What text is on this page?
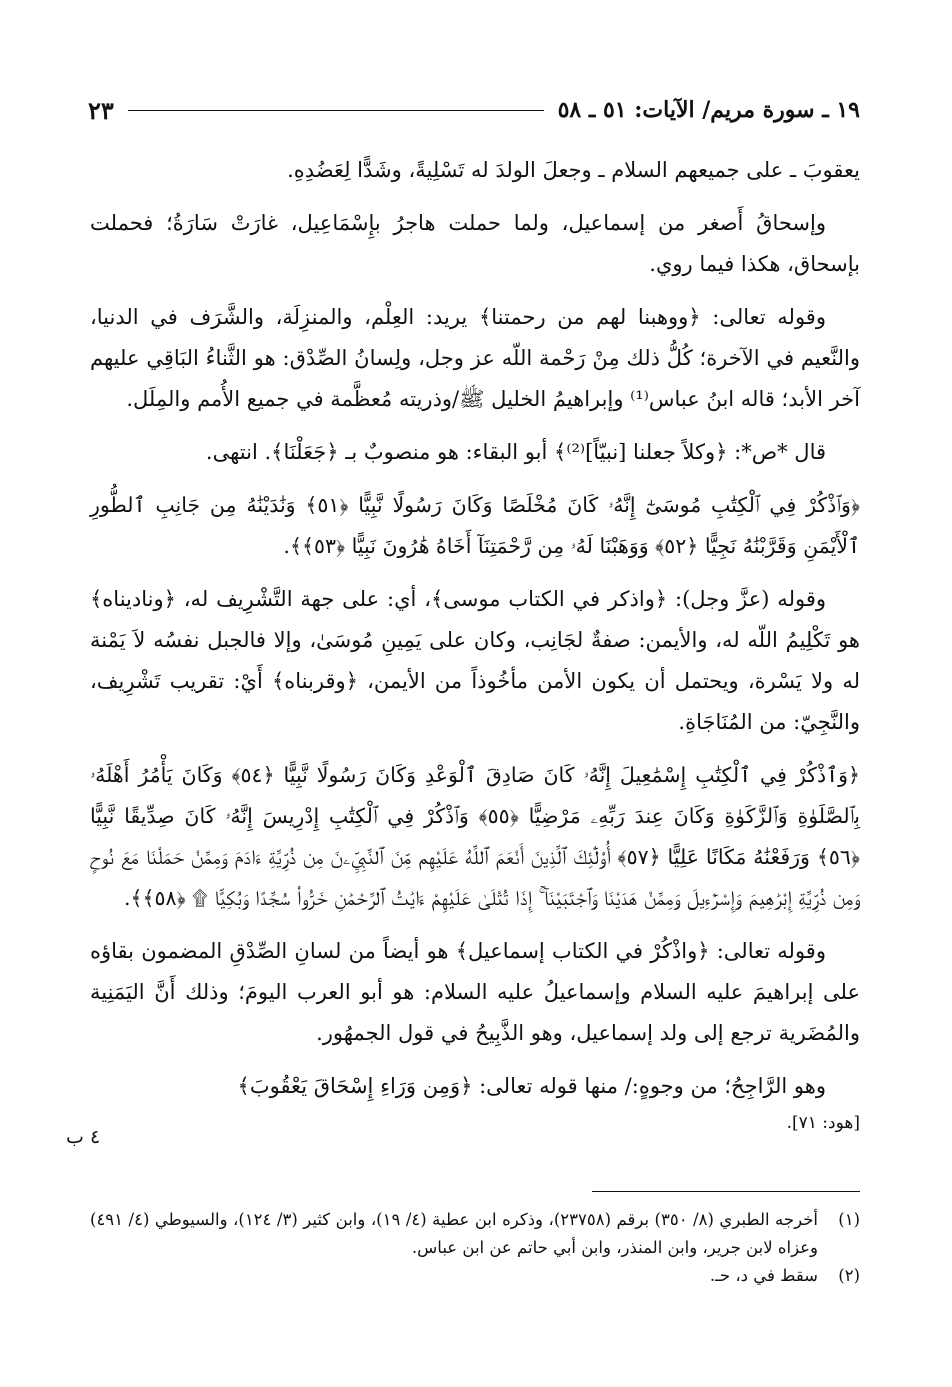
١٩ ـ سورة مريم/ الآيات: ٥١ ـ ٥٨
٢٣

يعقوبَ ـ على جميعهم السلام ـ وجعلَ الولدَ له تَسْلِيةً، وشَدًّا لِعَضُدِهِ.

وإسحاقُ أَصغر من إسماعيل، ولما حملت هاجرُ بإِسْمَاعِيل، غارَتْ سَارَةُ؛ فحملت بإسحاق، هكذا فيما روي.

وقوله تعالى: ﴿ووهبنا لهم من رحمتنا﴾ يريد: العِلْم، والمنزِلَة، والشَّرَف في الدنيا، والنَّعيم في الآخرة؛ كُلُّ ذلك مِنْ رَحْمة اللّه عز وجل، ولِسانُ الصِّدْق: هو الثَّناءُ البَاقِي عليهم آخر الأبد؛ قاله ابنُ عباس⁽¹⁾ وإبراهيمُ الخليل ﷺ/وذريته مُعظَّمة في جميع الأُمم والمِلَل.

قال *ص*: ﴿وكلاً جعلنا [نبيّاً]⁽²⁾﴾ أبو البقاء: هو منصوبٌ بـ ﴿جَعَلْنَا﴾. انتهى.

﴿وَٱذْكُرْ فِي ٱلْكِتَٰبِ مُوسَىٰٓ إِنَّهُۥ كَانَ مُخْلَصًا وَكَانَ رَسُولًا نَّبِيًّا ﴿٥١﴾ وَنَٰدَيْنَٰهُ مِن جَانِبِ ٱلطُّورِ ٱلْأَيْمَنِ وَقَرَّبْنَٰهُ نَجِيًّا ﴿٥٢﴾ وَوَهَبْنَا لَهُۥ مِن رَّحْمَتِنَآ أَخَاهُ هَٰرُونَ نَبِيًّا ﴿٥٣﴾﴾.

وقوله (عزَّ وجل): ﴿واذكر في الكتاب موسى﴾، أي: على جهة التَّشْرِيف له، ﴿وناديناه﴾ هو تَكْلِيمُ اللّه له، والأيمن: صفةٌ لجَانِب، وكان على يَمِينِ مُوسَىٰ، وإلا فالجبل نفسُه لاَ يَمْنة له ولا يَسْرة، ويحتمل أن يكون الأمن مأخُوذاً من الأيمن، ﴿وقربناه﴾ أَيْ: تقريب تَشْرِيف، والنَّجِيّ: من المُنَاجَاةِ.

﴿وَٱذْكُرْ فِي ٱلْكِتَٰبِ إِسْمَٰعِيلَ إِنَّهُۥ كَانَ صَادِقَ ٱلْوَعْدِ وَكَانَ رَسُولًا نَّبِيًّا ﴿٥٤﴾ وَكَانَ يَأْمُرُ أَهْلَهُۥ بِٱلصَّلَوٰةِ وَٱلزَّكَوٰةِ وَكَانَ عِندَ رَبِّهِۦ مَرْضِيًّا ﴿٥٥﴾ وَٱذْكُرْ فِي ٱلْكِتَٰبِ إِدْرِيسَ إِنَّهُۥ كَانَ صِدِّيقًا نَّبِيًّا ﴿٥٦﴾ وَرَفَعْنَٰهُ مَكَانًا عَلِيًّا ﴿٥٧﴾ أُو۟لَٰٓئِكَ ٱلَّذِينَ أَنْعَمَ ٱللَّهُ عَلَيْهِم مِّنَ ٱلنَّبِيِّۦنَ مِن ذُرِّيَّةِ ءَادَمَ وَمِمَّنْ حَمَلْنَا مَعَ نُوحٍ وَمِن ذُرِّيَّةِ إِبْرَٰهِيمَ وَإِسْرَٰٓءِيلَ وَمِمَّنْ هَدَيْنَا وَٱجْتَبَيْنَآ ۚ إِذَا تُتْلَىٰ عَلَيْهِمْ ءَايَٰتُ ٱلرَّحْمَٰنِ خَرُّوا۟ سُجَّدًا وَبُكِيًّا ۩ ﴿٥٨﴾﴾.

وقوله تعالى: ﴿واذْكُرْ في الكتاب إسماعيل﴾ هو أيضاً من لسانِ الصِّدْقِ المضمون بقاؤه على إبراهيمَ عليه السلام وإسماعيلُ عليه السلام: هو أبو العرب اليومَ؛ وذلك أَنَّ اليَمَنِية والمُضَرية ترجع إلى ولد إسماعيل، وهو الذَّبِيحُ في قول الجمهُور.

وهو الرَّاجِحُ؛ من وجوهٍ:/ منها قوله تعالى: ﴿وَمِن وَرَاءِ إِسْحَاقَ يَعْقُوبَ﴾

[هود: ٧١].

٤ ب
(١)
أخرجه الطبري (٨/ ٣٥٠) برقم (٢٣٧٥٨)، وذكره ابن عطية (٤/ ١٩)، وابن كثير (٣/ ١٢٤)، والسيوطي (٤/ ٤٩١) وعزاه لابن جرير، وابن المنذر، وابن أبي حاتم عن ابن عباس.
(٢)
سقط في د، حـ.
